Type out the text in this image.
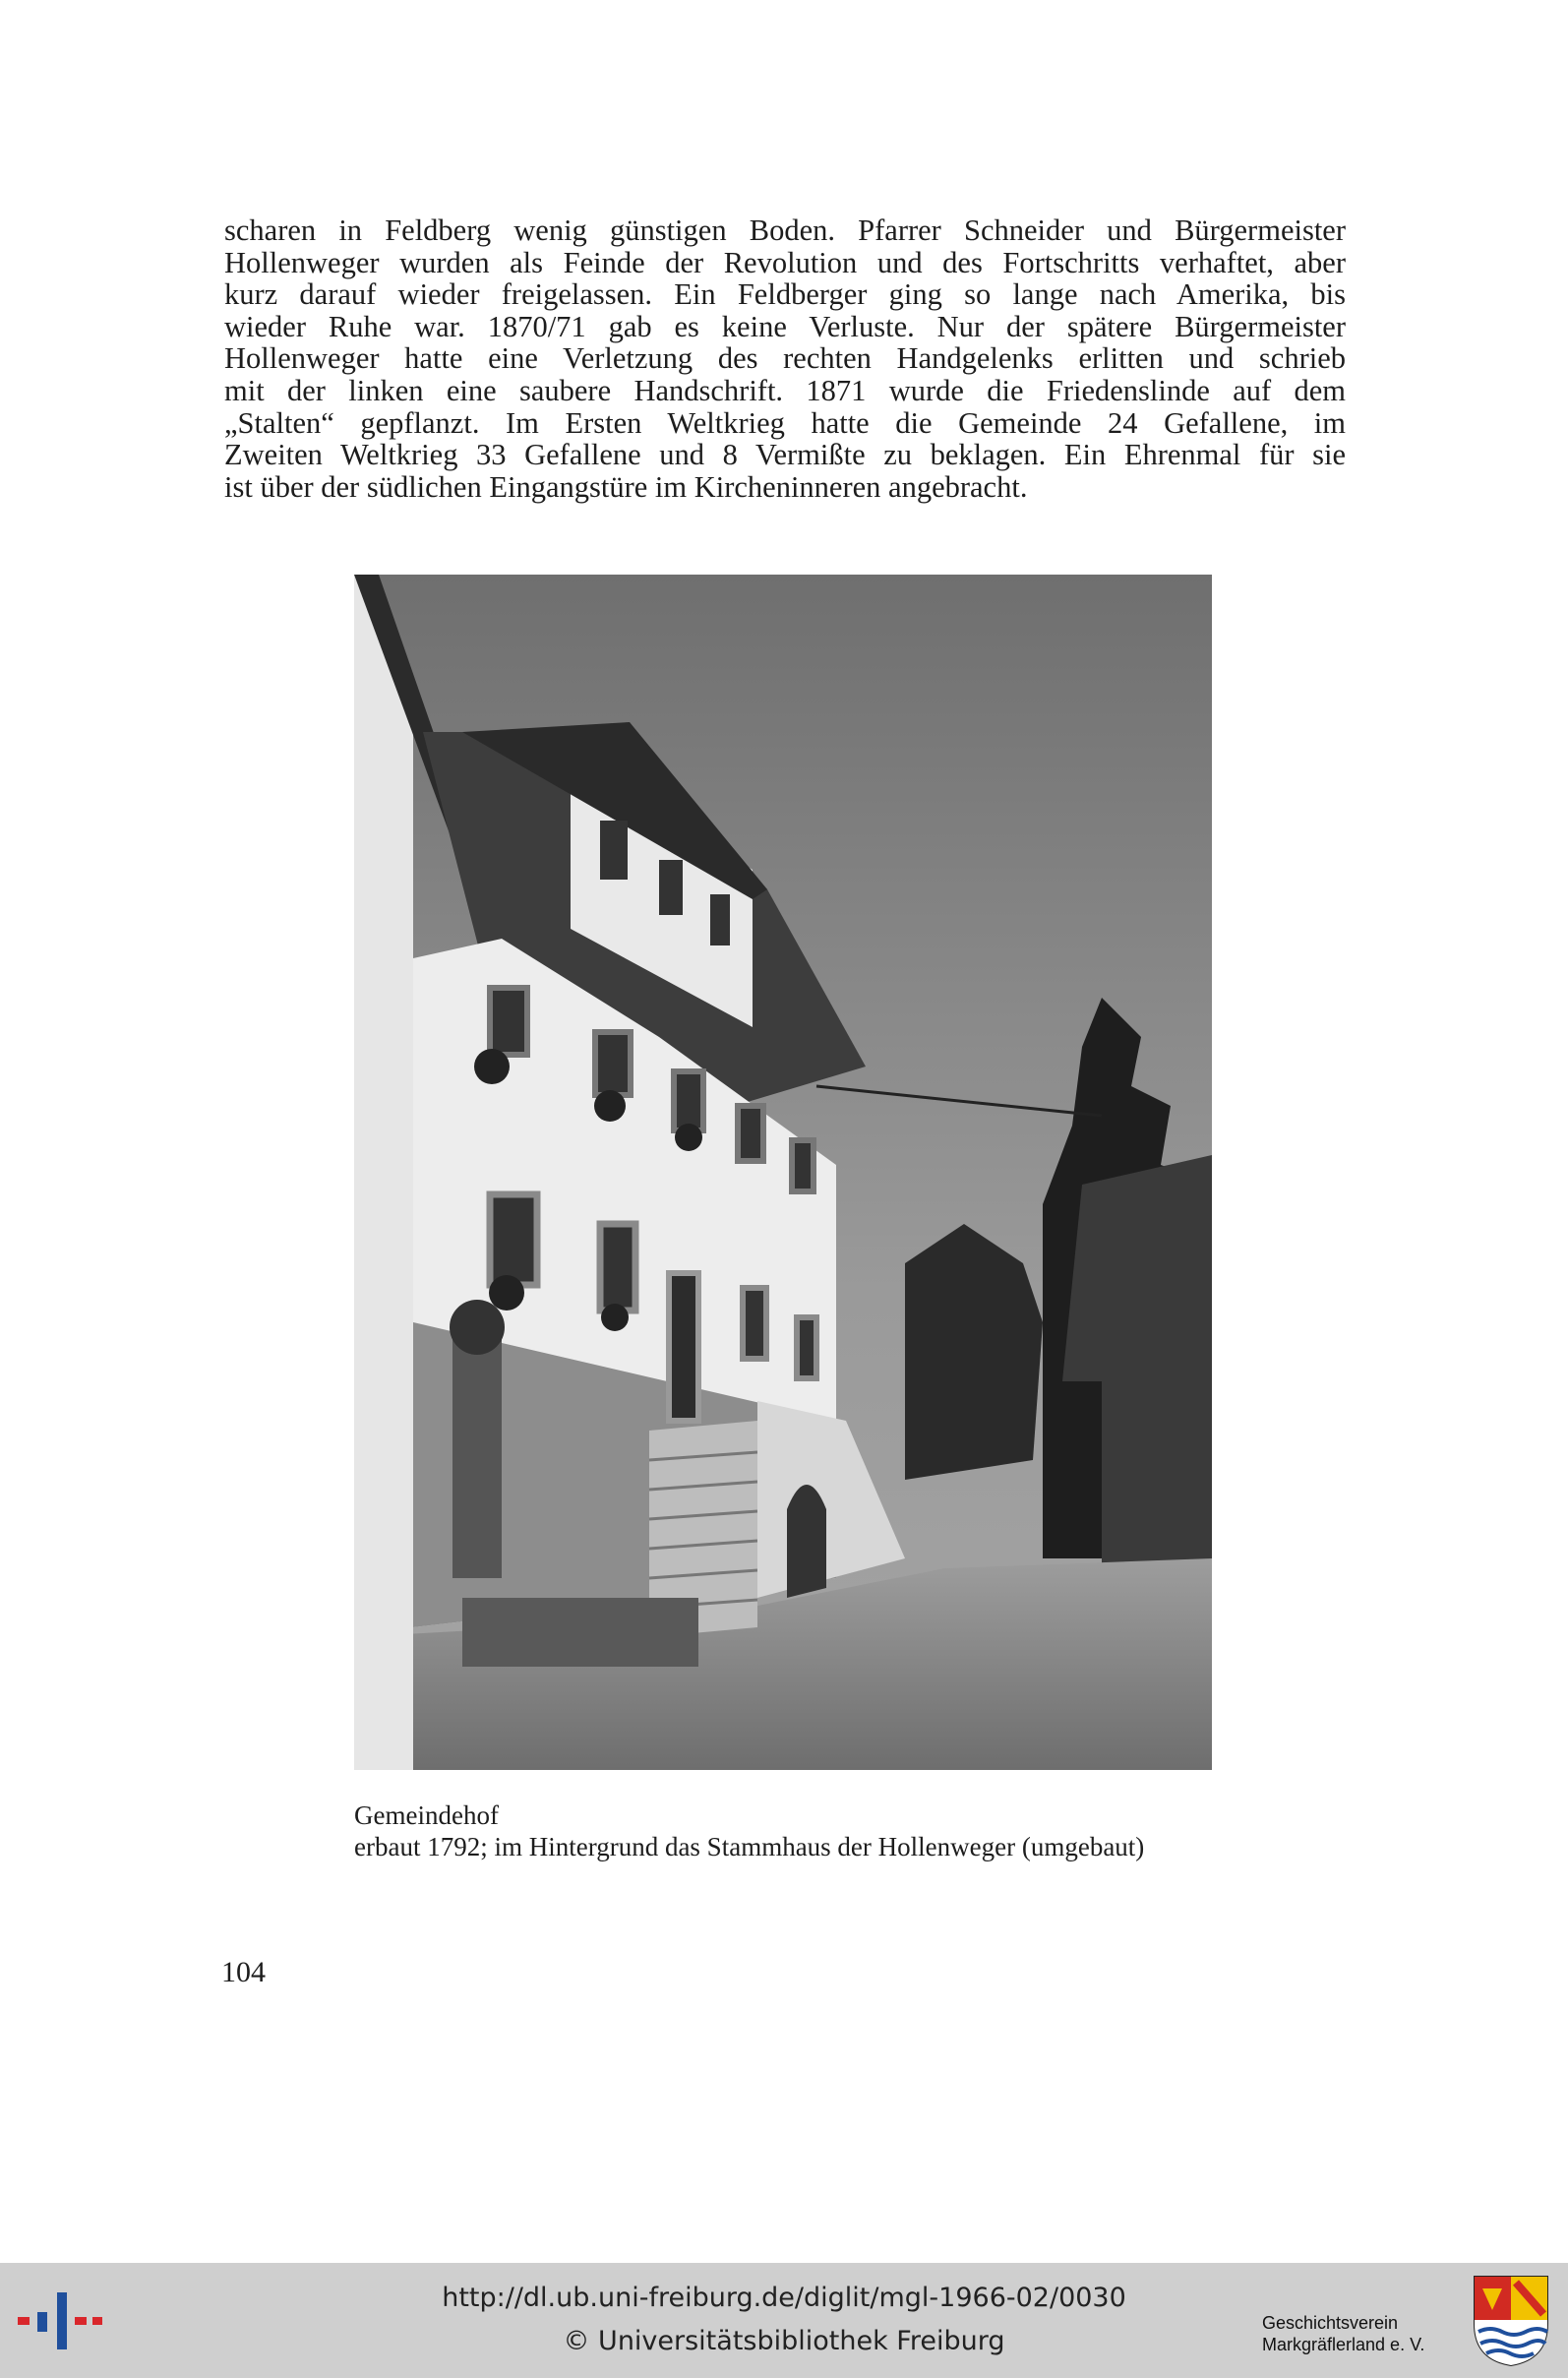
scharen in Feldberg wenig günstigen Boden. Pfarrer Schneider und Bürgermeister
Hollenweger wurden als Feinde der Revolution und des Fortschritts verhaftet, aber
kurz darauf wieder freigelassen. Ein Feldberger ging so lange nach Amerika, bis
wieder Ruhe war. 1870/71 gab es keine Verluste. Nur der spätere Bürgermeister
Hollenweger hatte eine Verletzung des rechten Handgelenks erlitten und schrieb
mit der linken eine saubere Handschrift. 1871 wurde die Friedenslinde auf dem
„Stalten“ gepflanzt. Im Ersten Weltkrieg hatte die Gemeinde 24 Gefallene, im
Zweiten Weltkrieg 33 Gefallene und 8 Vermißte zu beklagen. Ein Ehrenmal für sie
ist über der südlichen Eingangstüre im Kircheninneren angebracht.
Gemeindehof
erbaut 1792; im Hintergrund das Stammhaus der Hollenweger (umgebaut)
104
http://dl.ub.uni-freiburg.de/diglit/mgl-1966-02/0030
© Universitätsbibliothek Freiburg
Geschichtsverein
Markgräflerland e. V.
